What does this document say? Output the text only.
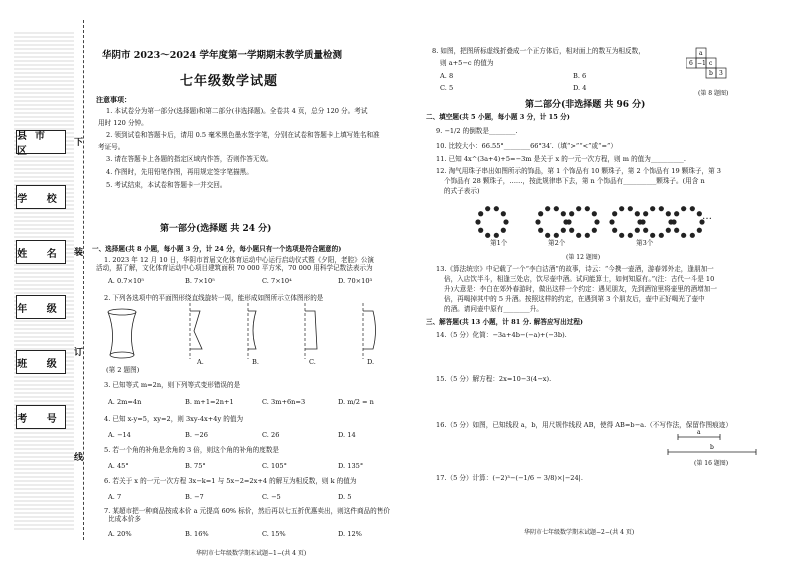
县市区
学 校
姓 名
年 级
班 级
考 号
下
装
订
线
华阴市 2023～2024 学年度第一学期期末教学质量检测
七年级数学试题
注意事项：
1. 本试卷分为第一部分(选择题)和第二部分(非选择题)。全卷共 4 页，总分 120 分。考试
用时 120 分钟。
2. 领到试卷和答题卡后，请用 0.5 毫米黑色墨水签字笔，分别在试卷和答题卡上填写姓名和准
考证号。
3. 请在答题卡上各题的指定区域内作答，否则作答无效。
4. 作图时，先用铅笔作图，再用规定签字笔描黑。
5. 考试结束，本试卷和答题卡一并交回。
第一部分(选择题 共 24 分)
一、选择题(共 8 小题，每小题 3 分，计 24 分，每小题只有一个选项是符合题意的)
1. 2023 年 12 月 10 日，华阴市首届文化体育运动中心运行启动仪式暨《夕阳，老腔》公演
活动，据了解，文化体育运动中心项目建筑面积 70 000 平方米，70 000 用科学记数法表示为
A. 0.7×10⁵	B. 7×10⁵	C. 7×10⁴	D. 70×10³
2. 下列各选项中的平面图形绕直线旋转一周，能形成如图所示立体图形的是
(第 2 题图)
A.	B.	C.	D.
3. 已知等式 m=2n，则下列等式变形错误的是
A. 2m=4n	B. m+1=2n+1	C. 3m+6n=3	D. m/2 = n
4. 已知 x-y=5，xy=2，则 3xy-4x+4y 的值为
A. −14	B. −26	C. 26	D. 14
5. 若一个角的补角是余角的 3 倍，则这个角的补角的度数是
A. 45°	B. 75°	C. 105°	D. 135°
6. 若关于 x 的一元一次方程 3x−k=1 与 5x−2=2x+4 的解互为相反数，则 k 的值为
A. 7	B. −7	C. −5	D. 5
7. 某超市把一种商品按成本价 a 元提高 60% 标价，然后再以七五折优惠卖出，则这件商品的售价
比成本价多
A. 20%	B. 16%	C. 15%	D. 12%
华阴市七年级数学期末试题−1−(共 4 页)
8. 如图，把图所标虚线折叠成一个正方体后，相对面上的数互为相反数，
则 a+5−c 的值为
A. 8	B. 6
C. 5	D. 4
a
6 −1 c
b 3
(第 8 题图)
第二部分(非选择题 共 96 分)
二、填空题(共 5 小题，每小题 3 分，计 15 分)
9. −1/2 的倒数是________.
10. 比较大小：66.55°________66°34′.（填“>”“<”或“=”）
11. 已知 4x^(3a+4)+5=−3m 是关于 x 的一元一次方程，则 m 的值为__________.
12. 淘气用珠子串出如图所示的饰品，第 1 个饰品有 10 颗珠子，第 2 个饰品有 19 颗珠子，第 3
个饰品有 28 颗珠子，……，按此规律串下去，第 n 个饰品有__________颗珠子。(用含 n
的式子表示)
第1个	第2个	第3个
…
(第 12 题图)
13.《算法统宗》中记载了一个“李白沽酒”的故事，诗云：“今携一壶酒，游春郊外走，逢朋加一
倍，入店饮半斗，相逢三处店，饮尽壶中酒。试问能算士，如何知原有。”(注：古代一斗是 10
升)大意是：李白在郊外春游时，做出这样一个约定：遇见朋友，先到酒馆里将壶里的酒增加一
倍，再喝掉其中的 5 升酒。按照这样的约定，在遇到第 3 个朋友后，壶中正好喝光了壶中
的酒。请问壶中原有________升。
三、解答题(共 13 小题，计 81 分. 解答应写出过程)
14.（5 分）化简：−3a+4b−(−a)+(−3b).
15.（5 分）解方程：2x=10−3(4−x).
16.（5 分）如图，已知线段 a，b，用尺规作线段 AB，使得 AB=b−a.（不写作法，保留作图痕迹）
a
b
(第 16 题图)
17.（5 分）计算：(−2)³−(−1/6 − 3/8)×|−24|.
华阴市七年级数学期末试题−2−(共 4 页)
